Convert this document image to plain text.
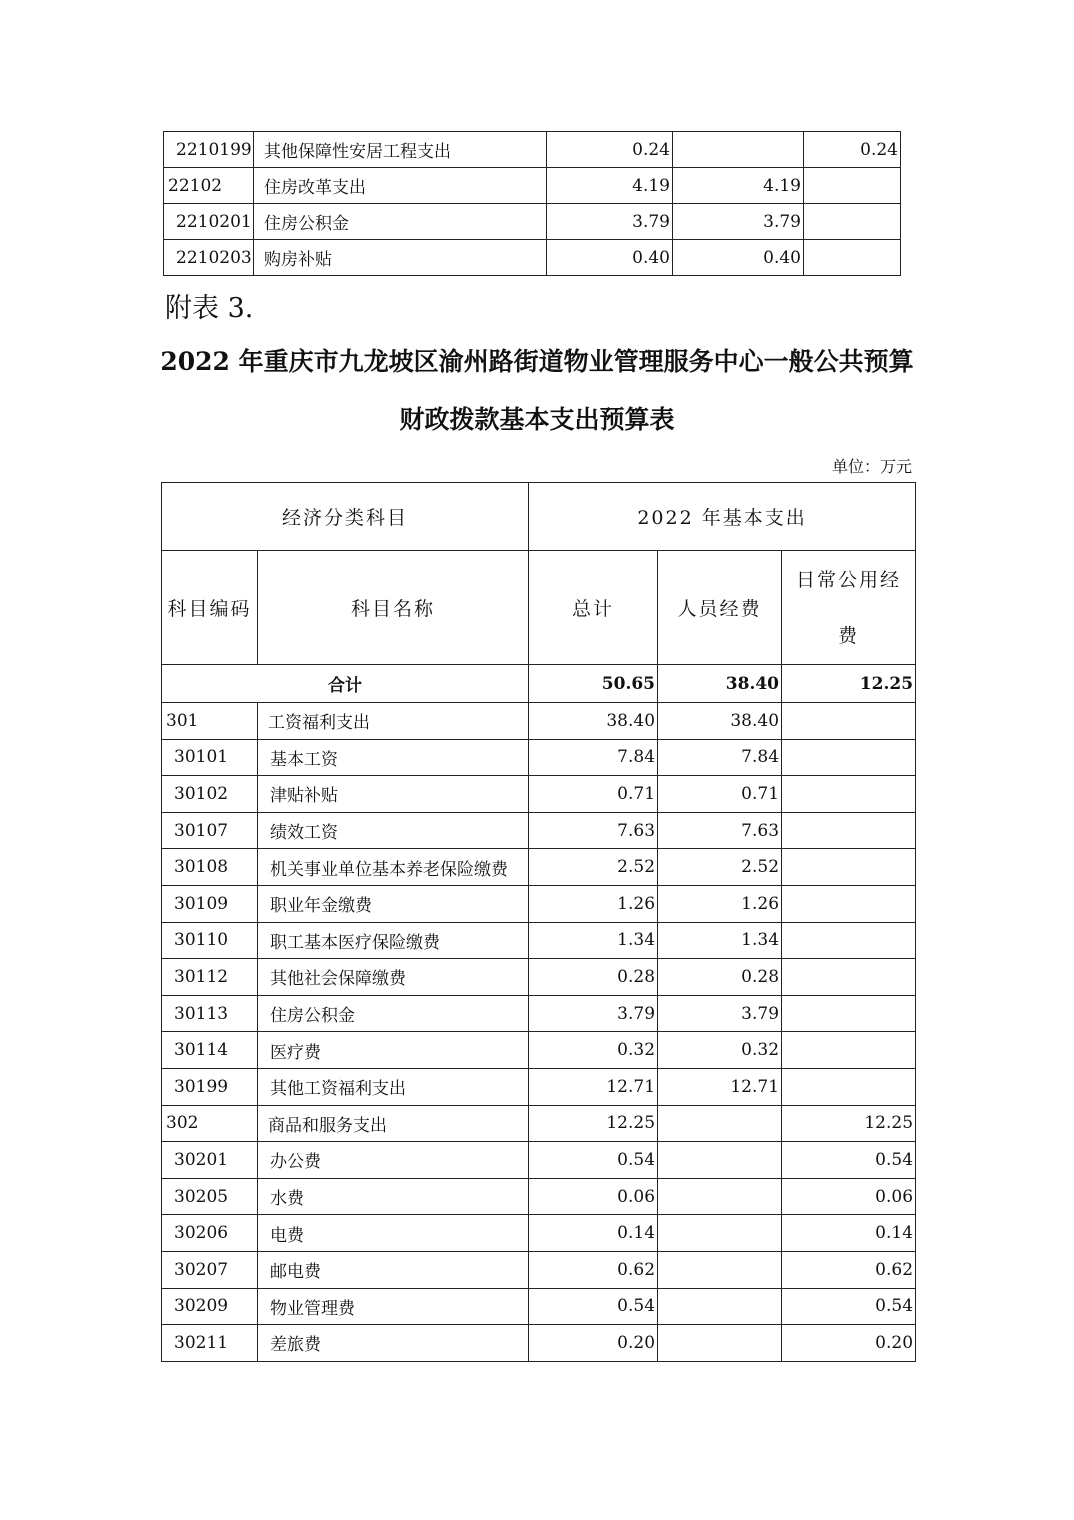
2210199	其他保障性安居工程支出	0.24		0.24
22102	住房改革支出	4.19	4.19	
2210201	住房公积金	3.79	3.79	
2210203	购房补贴	0.40	0.40	
附表 3.
2022 年重庆市九龙坡区渝州路街道物业管理服务中心一般公共预算
财政拨款基本支出预算表
单位：万元
经济分类科目		2022 年基本支出		
科目编码	科目名称	总计	人员经费	日常公用经
费

合计		50.65	38.40	12.25
301	工资福利支出	38.40	38.40	
30101	基本工资	7.84	7.84	
30102	津贴补贴	0.71	0.71	
30107	绩效工资	7.63	7.63	
30108	机关事业单位基本养老保险缴费	2.52	2.52	
30109	职业年金缴费	1.26	1.26	
30110	职工基本医疗保险缴费	1.34	1.34	
30112	其他社会保障缴费	0.28	0.28	
30113	住房公积金	3.79	3.79	
30114	医疗费	0.32	0.32	
30199	其他工资福利支出	12.71	12.71	
302	商品和服务支出	12.25		12.25
30201	办公费	0.54		0.54
30205	水费	0.06		0.06
30206	电费	0.14		0.14
30207	邮电费	0.62		0.62
30209	物业管理费	0.54		0.54
30211	差旅费	0.20		0.20
